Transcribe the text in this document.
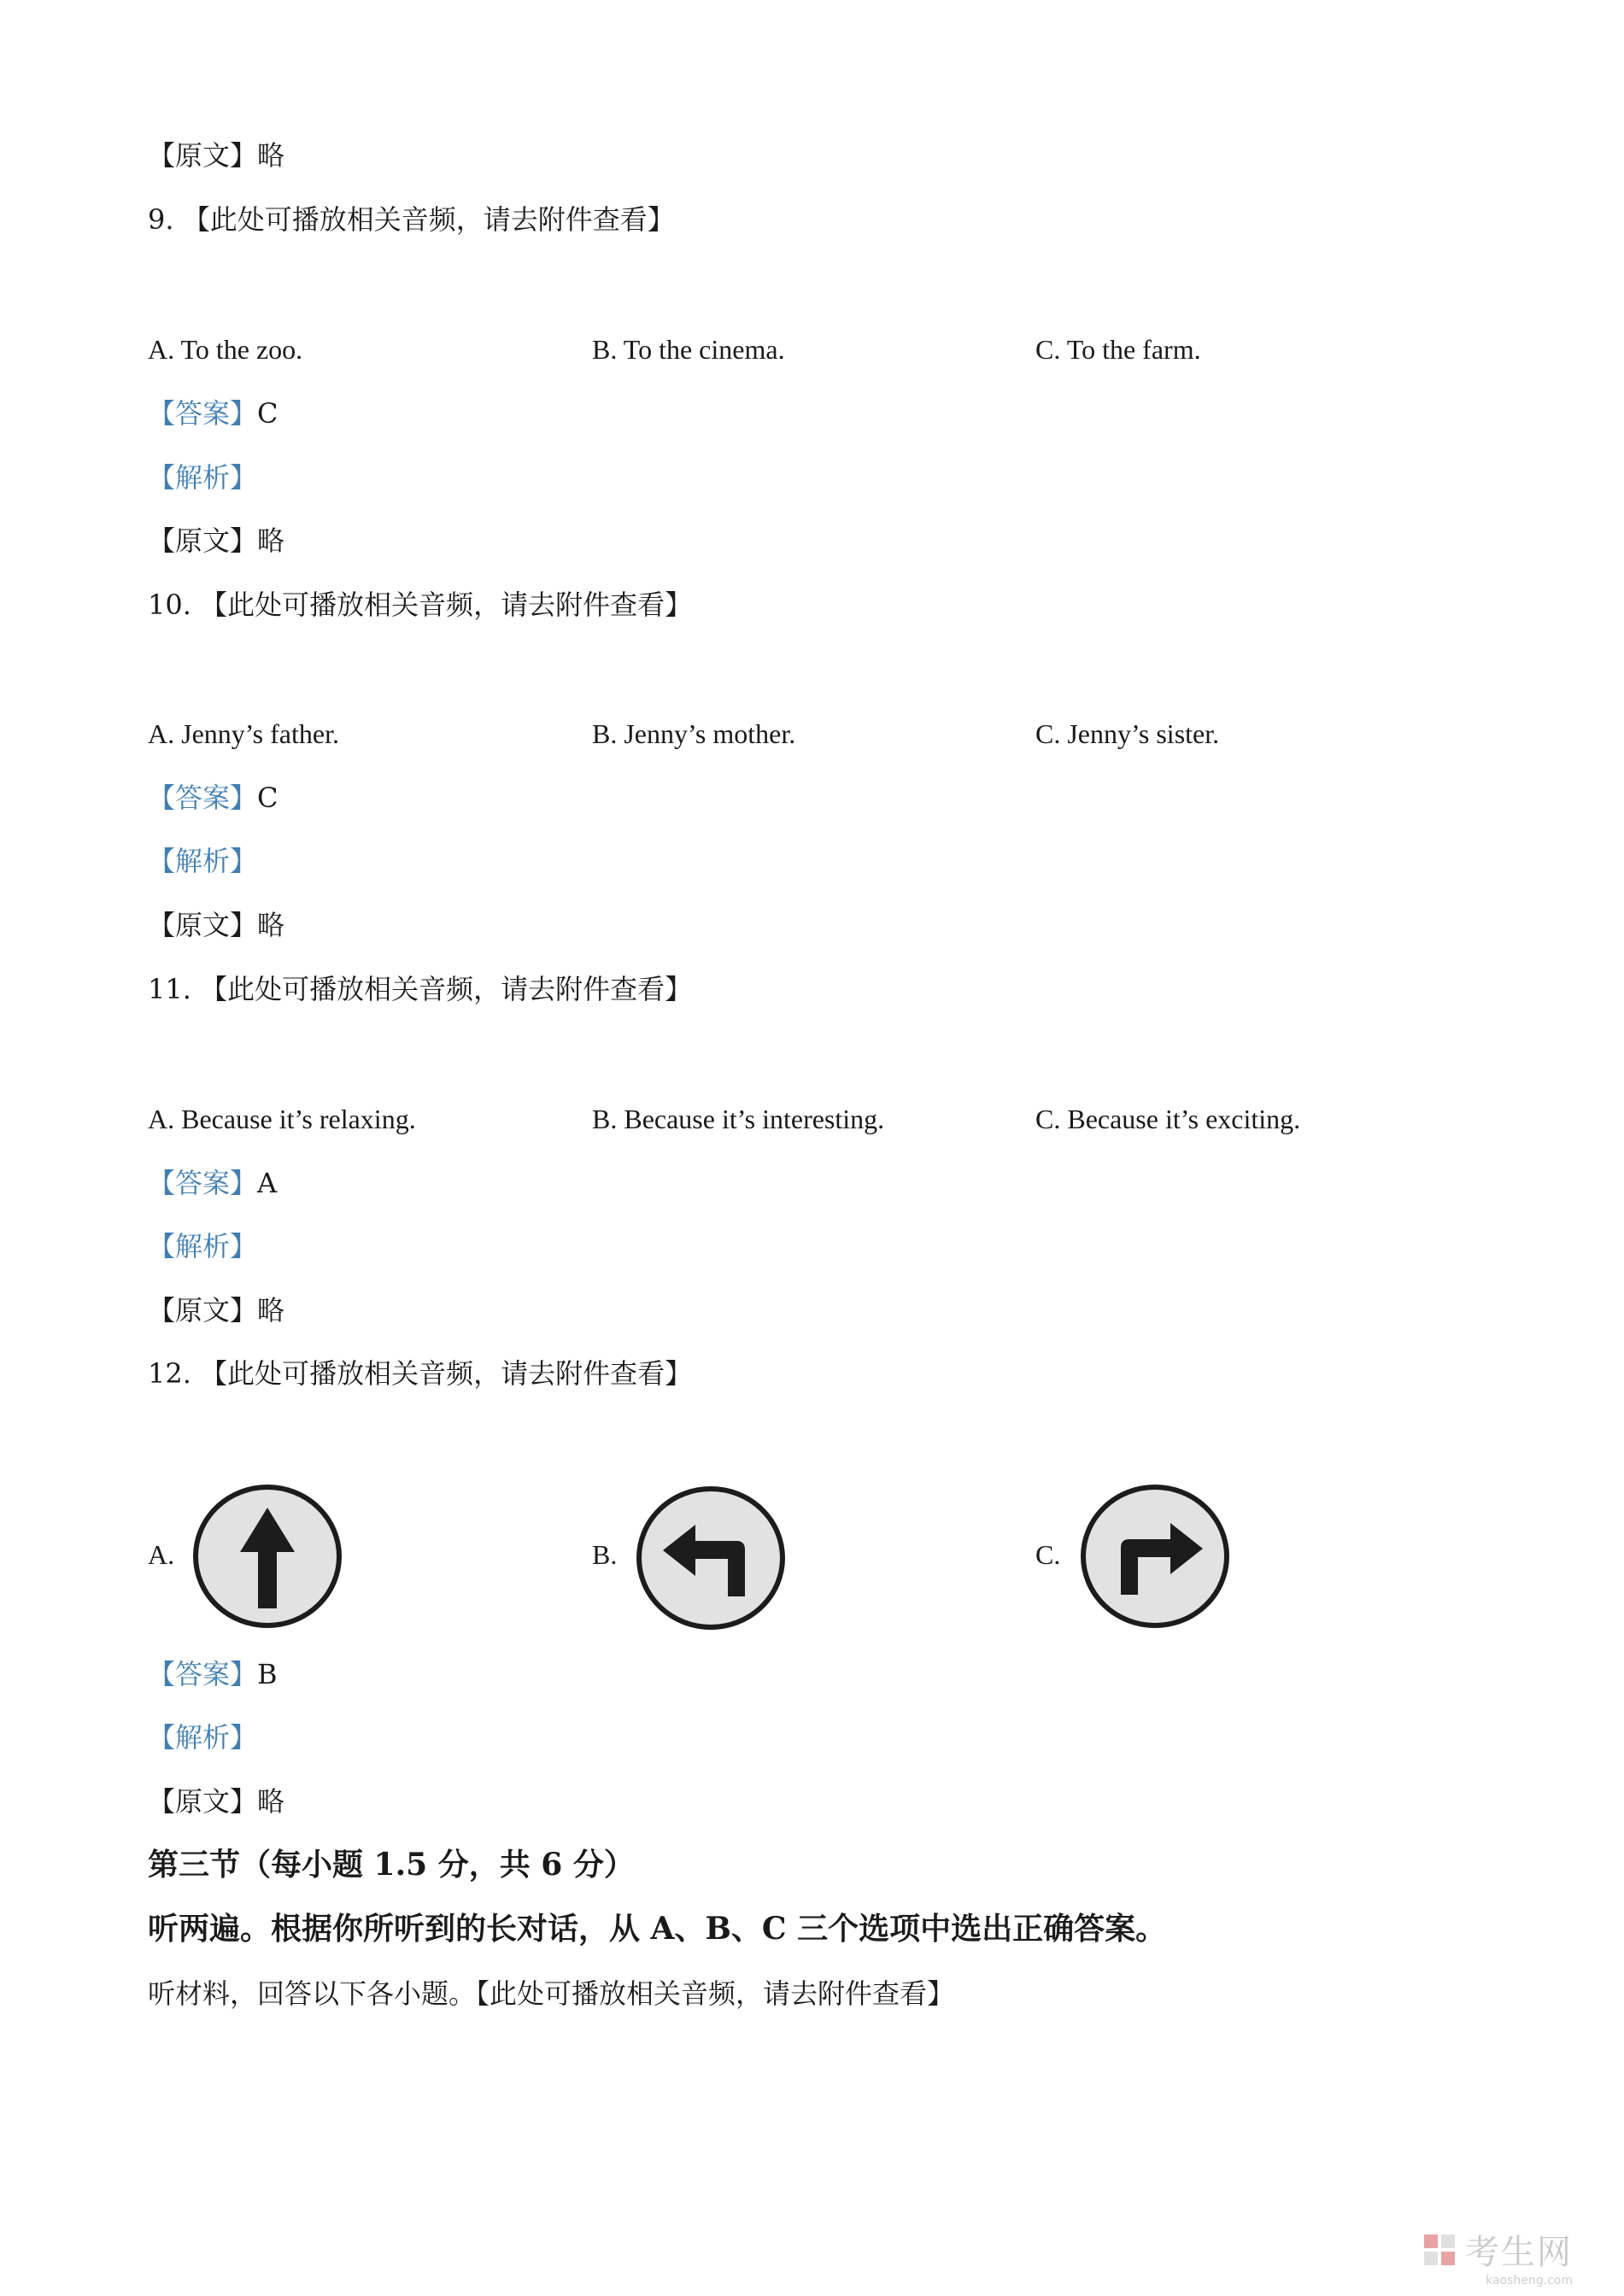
【原文】略

9. 【此处可播放相关音频，请去附件查看】

A. To the zoo.	B. To the cinema.	C. To the farm.

【答案】C

【解析】

【原文】略

10. 【此处可播放相关音频，请去附件查看】

A. Jenny’s father.	B. Jenny’s mother.	C. Jenny’s sister.

【答案】C

【解析】

【原文】略

11. 【此处可播放相关音频，请去附件查看】

A. Because it’s relaxing.	B. Because it’s interesting.	C. Because it’s exciting.

【答案】A

【解析】

【原文】略

12. 【此处可播放相关音频，请去附件查看】

A.	B.	C.

【答案】B

【解析】

【原文】略

第三节（每小题 1.5 分，共 6 分）

听两遍。根据你所听到的长对话，从 A、B、C 三个选项中选出正确答案。

听材料，回答以下各小题。【此处可播放相关音频，请去附件查看】

考生网
kaosheng.com
